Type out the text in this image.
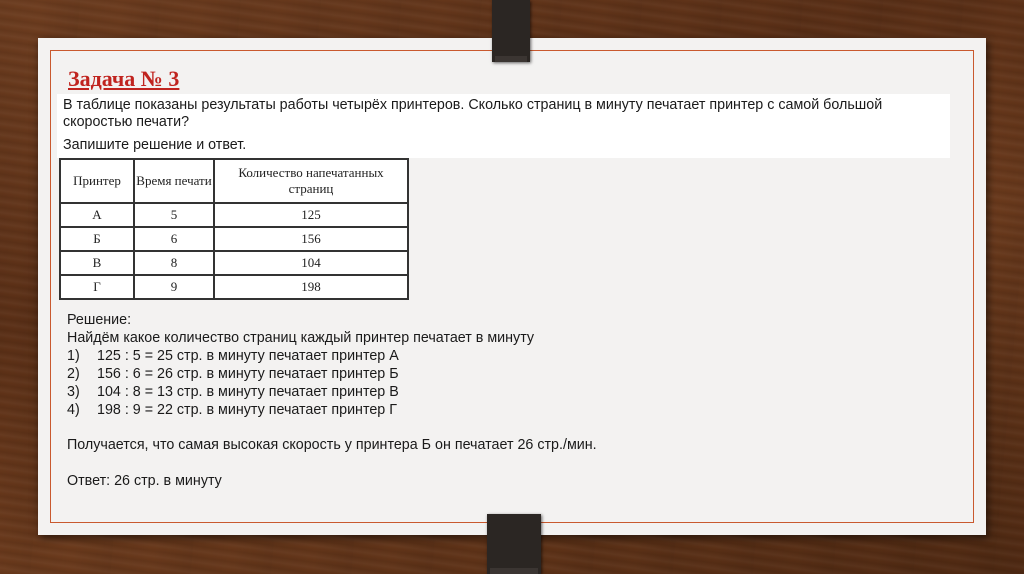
Задача № 3

В таблице показаны результаты работы четырёх принтеров. Сколько страниц в минуту печатает принтер с самой большой скоростью печати?

Запишите решение и ответ.

Принтер	Время печати	Количество напечатанных страниц
А	5	125
Б	6	156
В	8	104
Г	9	198
Решение:
Найдём какое количество страниц каждый принтер печатает в минуту
1)	125 : 5 = 25 стр. в минуту печатает принтер А
2)	156 : 6 = 26 стр. в минуту печатает принтер Б
3)	104 : 8 = 13 стр. в минуту печатает принтер В
4)	198 : 9 = 22 стр. в минуту печатает принтер Г

Получается, что самая высокая скорость у принтера Б он печатает 26 стр./мин.

Ответ: 26 стр. в минуту
